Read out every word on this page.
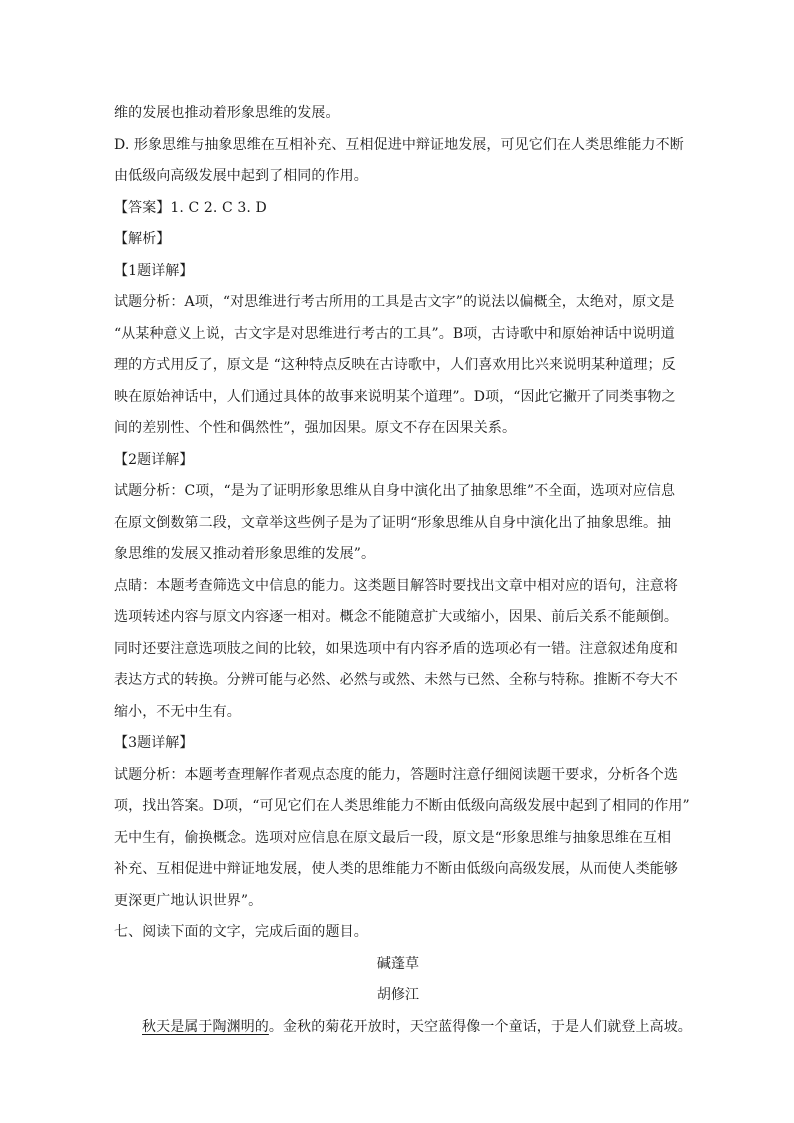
维的发展也推动着形象思维的发展。
D. 形象思维与抽象思维在互相补充、互相促进中辩证地发展，可见它们在人类思维能力不断
由低级向高级发展中起到了相同的作用。
【答案】1. C 2. C 3. D
【解析】
【1题详解】
试题分析：A项，“对思维进行考古所用的工具是古文字”的说法以偏概全，太绝对，原文是
“从某种意义上说，古文字是对思维进行考古的工具”。B项，古诗歌中和原始神话中说明道
理的方式用反了，原文是 “这种特点反映在古诗歌中，人们喜欢用比兴来说明某种道理；反
映在原始神话中，人们通过具体的故事来说明某个道理”。D项，“因此它撇开了同类事物之
间的差别性、个性和偶然性”，强加因果。原文不存在因果关系。
【2题详解】
试题分析：C项，“是为了证明形象思维从自身中演化出了抽象思维”不全面，选项对应信息
在原文倒数第二段，文章举这些例子是为了证明“形象思维从自身中演化出了抽象思维。抽
象思维的发展又推动着形象思维的发展”。
点睛：本题考查筛选文中信息的能力。这类题目解答时要找出文章中相对应的语句，注意将
选项转述内容与原文内容逐一相对。概念不能随意扩大或缩小，因果、前后关系不能颠倒。
同时还要注意选项肢之间的比较，如果选项中有内容矛盾的选项必有一错。注意叙述角度和
表达方式的转换。分辨可能与必然、必然与或然、未然与已然、全称与特称。推断不夸大不
缩小，不无中生有。
【3题详解】
试题分析：本题考查理解作者观点态度的能力，答题时注意仔细阅读题干要求，分析各个选
项，找出答案。D项，“可见它们在人类思维能力不断由低级向高级发展中起到了相同的作用”
无中生有，偷换概念。选项对应信息在原文最后一段，原文是“形象思维与抽象思维在互相
补充、互相促进中辩证地发展，使人类的思维能力不断由低级向高级发展，从而使人类能够
更深更广地认识世界”。
七、阅读下面的文字，完成后面的题目。
碱蓬草
胡修江
秋天是属于陶渊明的。金秋的菊花开放时，天空蓝得像一个童话，于是人们就登上高坡。
